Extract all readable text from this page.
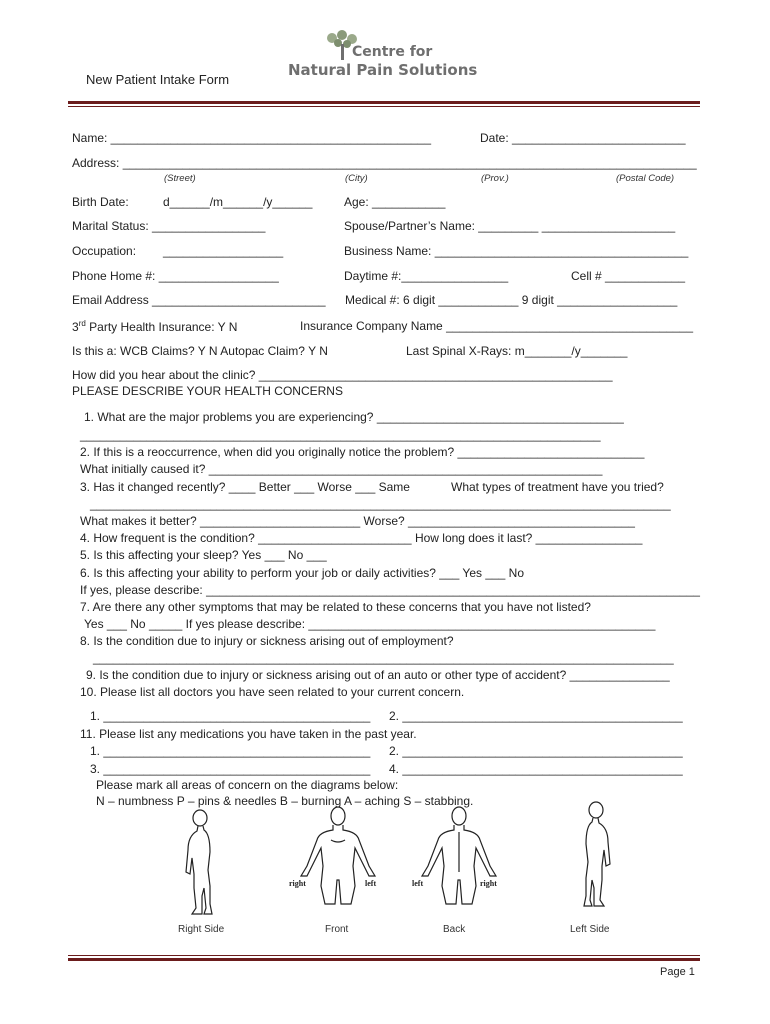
New Patient Intake Form
Centre for
Natural Pain Solutions
Name: ________________________________________________	Date: __________________________
Address: ______________________________________________________________________________________
(Street)	(City)	(Prov.)	(Postal Code)
Birth Date:	d______/m______/y______	Age: ___________
Marital Status: _________________	Spouse/Partner’s Name: _________ ____________________
Occupation: __________________	Business Name: ______________________________________
Phone Home #: __________________	Daytime #:________________	Cell # ____________
Email Address __________________________ Medical #: 6 digit ____________ 9 digit __________________
3rd Party Health Insurance: Y N	Insurance Company Name _____________________________________
Is this a: WCB Claims? Y N Autopac Claim? Y N	Last Spinal X-Rays: m_______/y_______
How did you hear about the clinic? _____________________________________________________
PLEASE DESCRIBE YOUR HEALTH CONCERNS
1. What are the major problems you are experiencing? _____________________________________
______________________________________________________________________________
2. If this is a reoccurrence, when did you originally notice the problem? ____________________________
What initially caused it? ___________________________________________________________
3. Has it changed recently? ____ Better ___ Worse ___ Same	What types of treatment have you tried?
_______________________________________________________________________________________
What makes it better? ________________________ Worse? __________________________________
4. How frequent is the condition? _______________________ How long does it last? ________________
5. Is this affecting your sleep? Yes ___ No ___
6. Is this affecting your ability to perform your job or daily activities? ___ Yes ___ No
If yes, please describe: __________________________________________________________________________
7. Are there any other symptoms that may be related to these concerns that you have not listed?
Yes ___ No _____ If yes please describe: ____________________________________________________
8. Is the condition due to injury or sickness arising out of employment?
_______________________________________________________________________________________
9. Is the condition due to injury or sickness arising out of an auto or other type of accident? _______________
10. Please list all doctors you have seen related to your current concern.
1. ________________________________________ 2. __________________________________________
11. Please list any medications you have taken in the past year.
1. ________________________________________ 2. __________________________________________
3. ________________________________________ 4. __________________________________________
Please mark all areas of concern on the diagrams below:
N – numbness P – pins & needles B – burning A – aching S – stabbing.
right	left	left	right
Right Side	Front	Back	Left Side
Page 1
